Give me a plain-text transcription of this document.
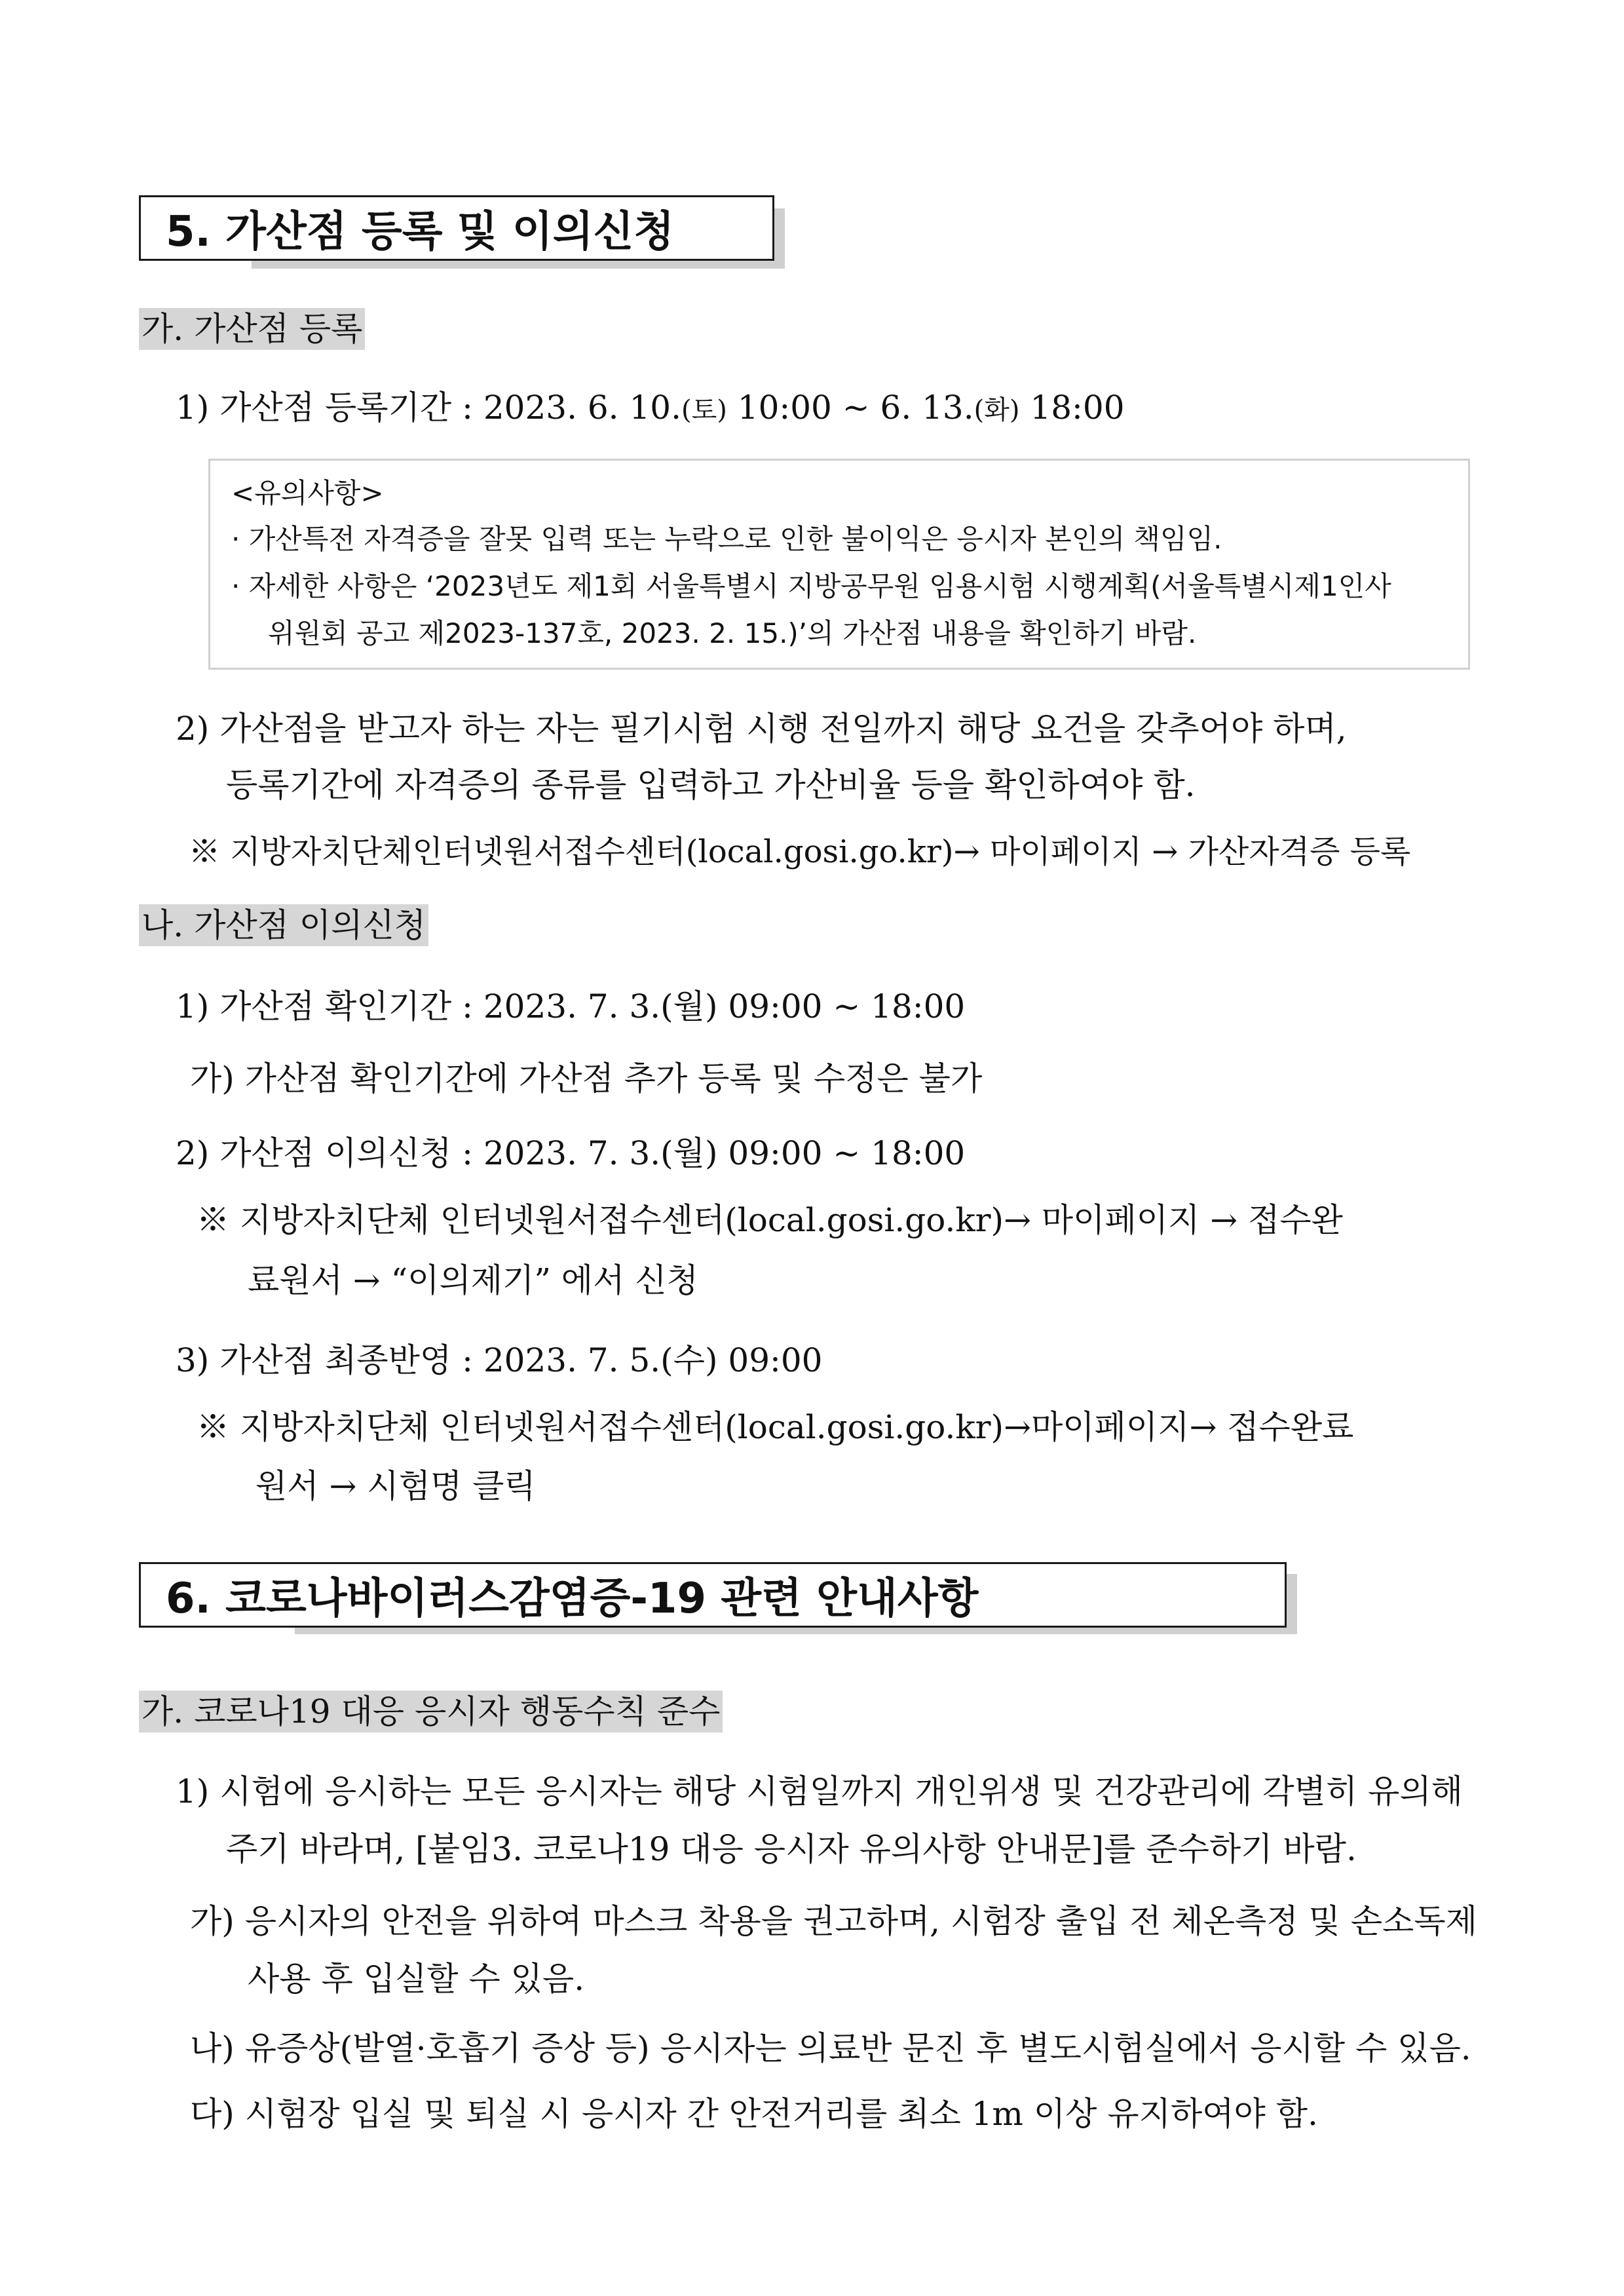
5. 가산점 등록 및 이의신청
가. 가산점 등록
1) 가산점 등록기간 : 2023. 6. 10.(토) 10:00 ~ 6. 13.(화) 18:00
<유의사항>
· 가산특전 자격증을 잘못 입력 또는 누락으로 인한 불이익은 응시자 본인의 책임임.
· 자세한 사항은 ‘2023년도 제1회 서울특별시 지방공무원 임용시험 시행계획(서울특별시제1인사
위원회 공고 제2023-137호, 2023. 2. 15.)’의 가산점 내용을 확인하기 바람.
2) 가산점을 받고자 하는 자는 필기시험 시행 전일까지 해당 요건을 갖추어야 하며,
등록기간에 자격증의 종류를 입력하고 가산비율 등을 확인하여야 함.
※ 지방자치단체인터넷원서접수센터(local.gosi.go.kr)→ 마이페이지 → 가산자격증 등록
나. 가산점 이의신청
1) 가산점 확인기간 : 2023. 7. 3.(월) 09:00 ~ 18:00
가) 가산점 확인기간에 가산점 추가 등록 및 수정은 불가
2) 가산점 이의신청 : 2023. 7. 3.(월) 09:00 ~ 18:00
※ 지방자치단체 인터넷원서접수센터(local.gosi.go.kr)→ 마이페이지 → 접수완
료원서 → “이의제기” 에서 신청
3) 가산점 최종반영 : 2023. 7. 5.(수) 09:00
※ 지방자치단체 인터넷원서접수센터(local.gosi.go.kr)→마이페이지→ 접수완료
원서 → 시험명 클릭
6. 코로나바이러스감염증-19 관련 안내사항
가. 코로나19 대응 응시자 행동수칙 준수
1) 시험에 응시하는 모든 응시자는 해당 시험일까지 개인위생 및 건강관리에 각별히 유의해
주기 바라며, [붙임3. 코로나19 대응 응시자 유의사항 안내문]를 준수하기 바람.
가) 응시자의 안전을 위하여 마스크 착용을 권고하며, 시험장 출입 전 체온측정 및 손소독제
사용 후 입실할 수 있음.
나) 유증상(발열·호흡기 증상 등) 응시자는 의료반 문진 후 별도시험실에서 응시할 수 있음.
다) 시험장 입실 및 퇴실 시 응시자 간 안전거리를 최소 1m 이상 유지하여야 함.
